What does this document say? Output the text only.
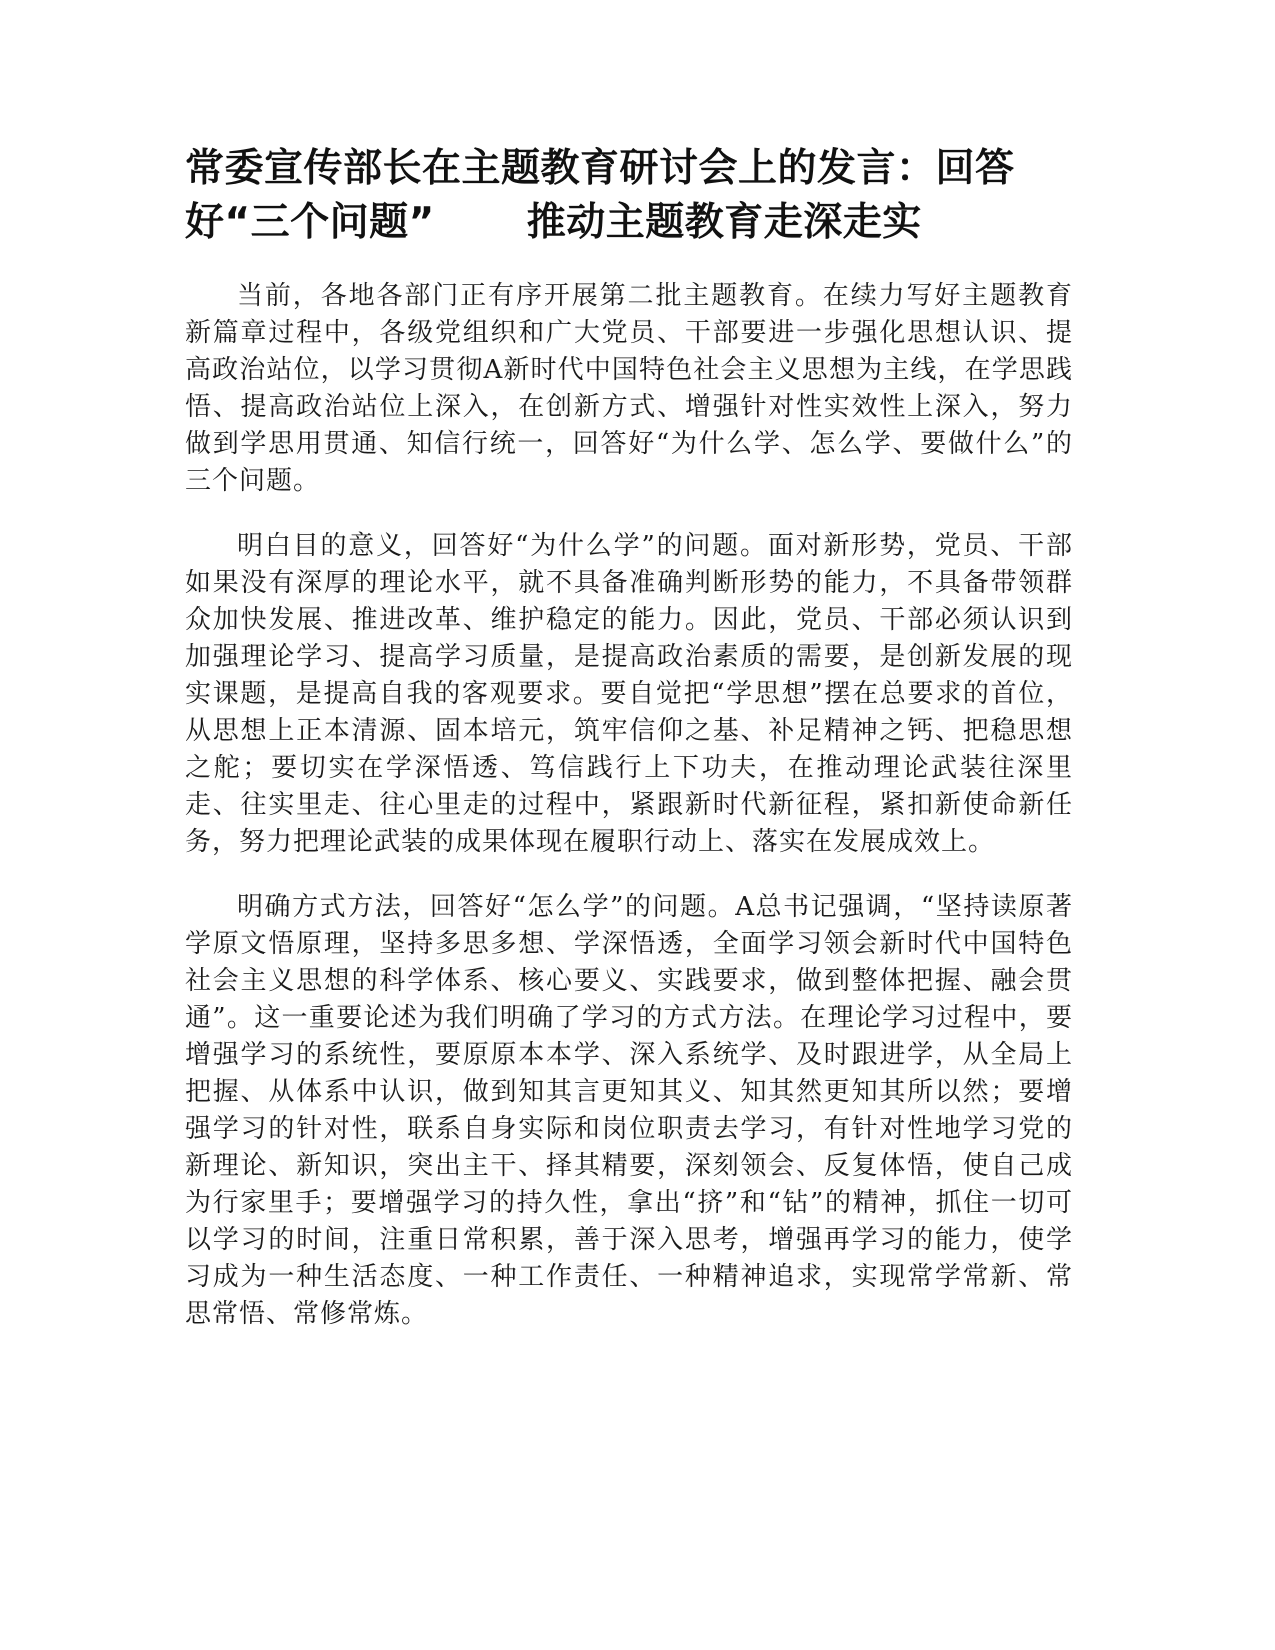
常委宣传部长在主题教育研讨会上的发言：回答
好“三个问题” 推动主题教育走深走实

当前，各地各部门正有序开展第二批主题教育。在续力写好主题教育新篇章过程中，各级党组织和广大党员、干部要进一步强化思想认识、提高政治站位，以学习贯彻A新时代中国特色社会主义思想为主线，在学思践悟、提高政治站位上深入，在创新方式、增强针对性实效性上深入，努力做到学思用贯通、知信行统一，回答好“为什么学、怎么学、要做什么”的三个问题。

明白目的意义，回答好“为什么学”的问题。面对新形势，党员、干部如果没有深厚的理论水平，就不具备准确判断形势的能力，不具备带领群众加快发展、推进改革、维护稳定的能力。因此，党员、干部必须认识到加强理论学习、提高学习质量，是提高政治素质的需要，是创新发展的现实课题，是提高自我的客观要求。要自觉把“学思想”摆在总要求的首位，从思想上正本清源、固本培元，筑牢信仰之基、补足精神之钙、把稳思想之舵；要切实在学深悟透、笃信践行上下功夫，在推动理论武装往深里走、往实里走、往心里走的过程中，紧跟新时代新征程，紧扣新使命新任务，努力把理论武装的成果体现在履职行动上、落实在发展成效上。

明确方式方法，回答好“怎么学”的问题。A总书记强调，“坚持读原著学原文悟原理，坚持多思多想、学深悟透，全面学习领会新时代中国特色社会主义思想的科学体系、核心要义、实践要求，做到整体把握、融会贯通”。这一重要论述为我们明确了学习的方式方法。在理论学习过程中，要增强学习的系统性，要原原本本学、深入系统学、及时跟进学，从全局上把握、从体系中认识，做到知其言更知其义、知其然更知其所以然；要增强学习的针对性，联系自身实际和岗位职责去学习，有针对性地学习党的新理论、新知识，突出主干、择其精要，深刻领会、反复体悟，使自己成为行家里手；要增强学习的持久性，拿出“挤”和“钻”的精神，抓住一切可以学习的时间，注重日常积累，善于深入思考，增强再学习的能力，使学习成为一种生活态度、一种工作责任、一种精神追求，实现常学常新、常思常悟、常修常炼。
